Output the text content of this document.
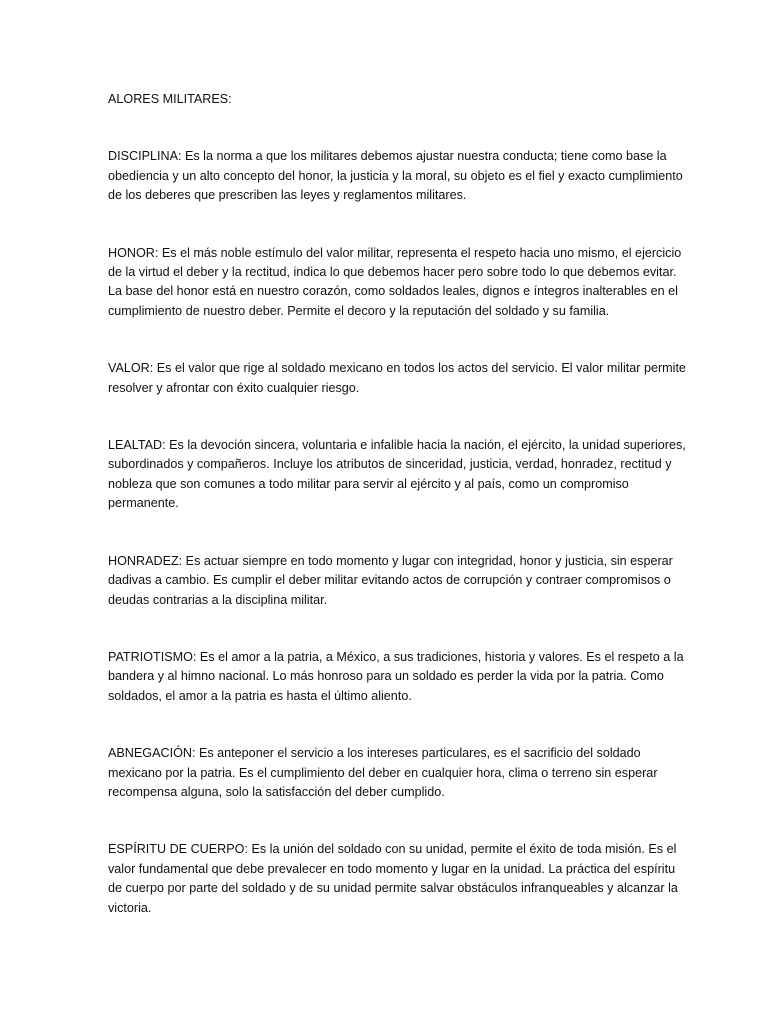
ALORES MILITARES:

DISCIPLINA: Es la norma a que los militares debemos ajustar nuestra conducta; tiene como base la obediencia y un alto concepto del honor, la justicia y la moral, su objeto es el fiel y exacto cumplimiento de los deberes que prescriben las leyes y reglamentos militares.

HONOR: Es el más noble estímulo del valor militar, representa el respeto hacia uno mismo, el ejercicio de la virtud el deber y la rectitud, indica lo que debemos hacer pero sobre todo lo que debemos evitar. La base del honor está en nuestro corazón, como soldados leales, dignos e íntegros inalterables en el cumplimiento de nuestro deber. Permite el decoro y la reputación del soldado y su familia.

VALOR: Es el valor que rige al soldado mexicano en todos los actos del servicio. El valor militar permite resolver y afrontar con éxito cualquier riesgo.

LEALTAD: Es la devoción sincera, voluntaria e infalible hacia la nación, el ejército, la unidad superiores, subordinados y compañeros. Incluye los atributos de sinceridad, justicia, verdad, honradez, rectitud y nobleza que son comunes a todo militar para servir al ejército y al país, como un compromiso permanente.

HONRADEZ: Es actuar siempre en todo momento y lugar con integridad, honor y justicia, sin esperar dadivas a cambio. Es cumplir el deber militar evitando actos de corrupción y contraer compromisos o deudas contrarias a la disciplina militar.

PATRIOTISMO: Es el amor a la patria, a México, a sus tradiciones, historia y valores. Es el respeto a la bandera y al himno nacional. Lo más honroso para un soldado es perder la vida por la patria. Como soldados, el amor a la patria es hasta el último aliento.

ABNEGACIÓN: Es anteponer el servicio a los intereses particulares, es el sacrificio del soldado mexicano por la patria. Es el cumplimiento del deber en cualquier hora, clima o terreno sin esperar recompensa alguna, solo la satisfacción del deber cumplido.

ESPÍRITU DE CUERPO: Es la unión del soldado con su unidad, permite el éxito de toda misión. Es el valor fundamental que debe prevalecer en todo momento y lugar en la unidad. La práctica del espíritu de cuerpo por parte del soldado y de su unidad permite salvar obstáculos infranqueables y alcanzar la victoria.
